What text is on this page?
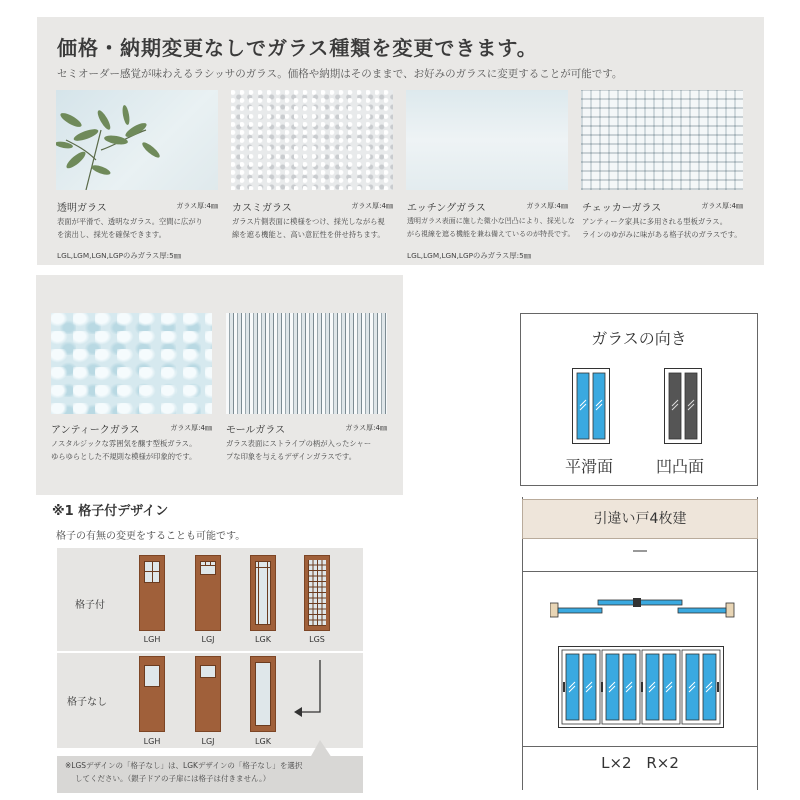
価格・納期変更なしでガラス種類を変更できます。
セミオーダー感覚が味わえるラシッサのガラス。価格や納期はそのままで、お好みのガラスに変更することが可能です。
透明ガラス	ガラス厚:4㎜
表面が平滑で、透明なガラス。空間に広がり
を演出し、採光を確保できます。
LGL,LGM,LGN,LGPのみガラス厚:5㎜
カスミガラス	ガラス厚:4㎜
ガラス片側表面に模様をつけ、採光しながら視
線を遮る機能と、高い意匠性を併せ持ちます。
エッチングガラス	ガラス厚:4㎜
透明ガラス表面に施した微小な凹凸により、採光しな
がら視線を遮る機能を兼ね備えているのが特長です。
LGL,LGM,LGN,LGPのみガラス厚:5㎜
チェッカーガラス	ガラス厚:4㎜
アンティーク家具に多用される型板ガラス。
ラインのゆがみに味がある格子状のガラスです。
アンティークガラス	ガラス厚:4㎜
ノスタルジックな雰囲気を醸す型板ガラス。
ゆらゆらとした不規則な模様が印象的です。
モールガラス	ガラス厚:4㎜
ガラス表面にストライプの柄が入ったシャー
プな印象を与えるデザインガラスです。
※1 格子付デザイン
格子の有無の変更をすることも可能です。
格子付
格子なし
LGH	LGJ	LGK	LGS
LGH	LGJ	LGK
※LGSデザインの「格子なし」は、LGKデザインの「格子なし」を選択
してください。（銀子ドアの子扉には格子は付きません。）
ガラスの向き
平滑面	凹凸面
引違い戸4枚建
―
L×2 R×2
